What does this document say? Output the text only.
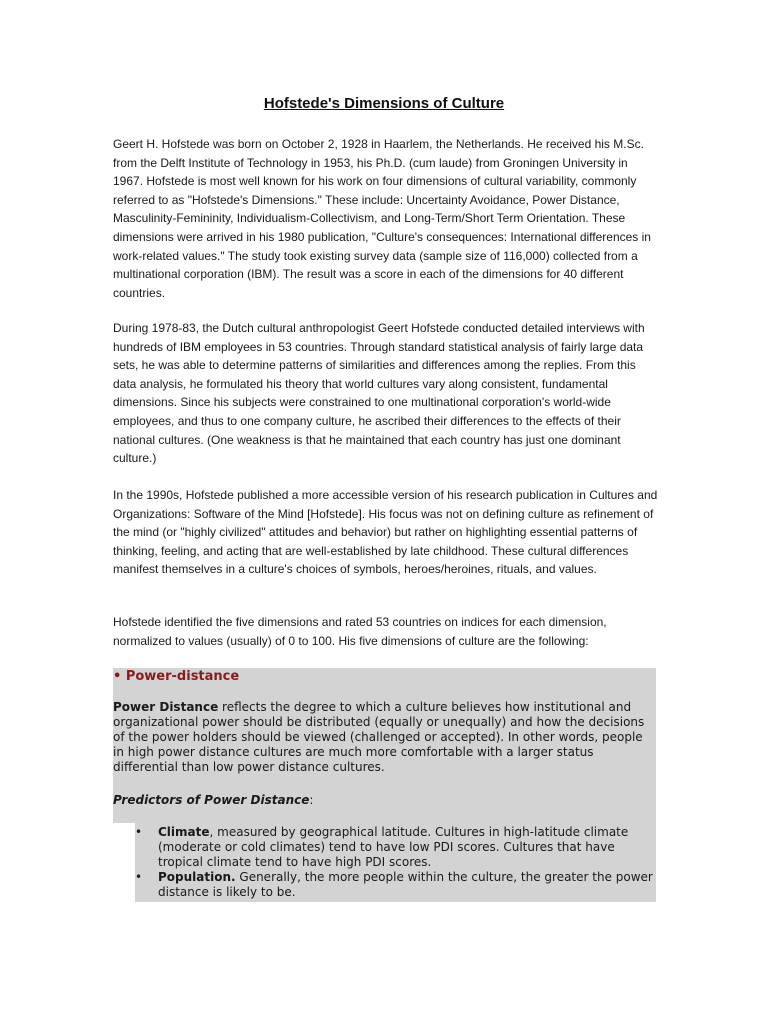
Hofstede's Dimensions of Culture

Geert H. Hofstede was born on October 2, 1928 in Haarlem, the Netherlands. He received his M.Sc. from the Delft Institute of Technology in 1953, his Ph.D. (cum laude) from Groningen University in 1967. Hofstede is most well known for his work on four dimensions of cultural variability, commonly referred to as "Hofstede's Dimensions." These include: Uncertainty Avoidance, Power Distance, Masculinity-Femininity, Individualism-Collectivism, and Long-Term/Short Term Orientation. These dimensions were arrived in his 1980 publication, "Culture's consequences: International differences in work-related values." The study took existing survey data (sample size of 116,000) collected from a multinational corporation (IBM). The result was a score in each of the dimensions for 40 different countries.

During 1978-83, the Dutch cultural anthropologist Geert Hofstede conducted detailed interviews with hundreds of IBM employees in 53 countries. Through standard statistical analysis of fairly large data sets, he was able to determine patterns of similarities and differences among the replies. From this data analysis, he formulated his theory that world cultures vary along consistent, fundamental dimensions. Since his subjects were constrained to one multinational corporation's world-wide employees, and thus to one company culture, he ascribed their differences to the effects of their national cultures. (One weakness is that he maintained that each country has just one dominant culture.)

In the 1990s, Hofstede published a more accessible version of his research publication in Cultures and Organizations: Software of the Mind [Hofstede]. His focus was not on defining culture as refinement of the mind (or "highly civilized" attitudes and behavior) but rather on highlighting essential patterns of thinking, feeling, and acting that are well-established by late childhood. These cultural differences manifest themselves in a culture's choices of symbols, heroes/heroines, rituals, and values.

Hofstede identified the five dimensions and rated 53 countries on indices for each dimension, normalized to values (usually) of 0 to 100. His five dimensions of culture are the following:

• Power-distance

Power Distance reflects the degree to which a culture believes how institutional and organizational power should be distributed (equally or unequally) and how the decisions of the power holders should be viewed (challenged or accepted). In other words, people in high power distance cultures are much more comfortable with a larger status differential than low power distance cultures.

Predictors of Power Distance:
• Climate, measured by geographical latitude. Cultures in high-latitude climate (moderate or cold climates) tend to have low PDI scores. Cultures that have tropical climate tend to have high PDI scores.
• Population. Generally, the more people within the culture, the greater the power distance is likely to be.
